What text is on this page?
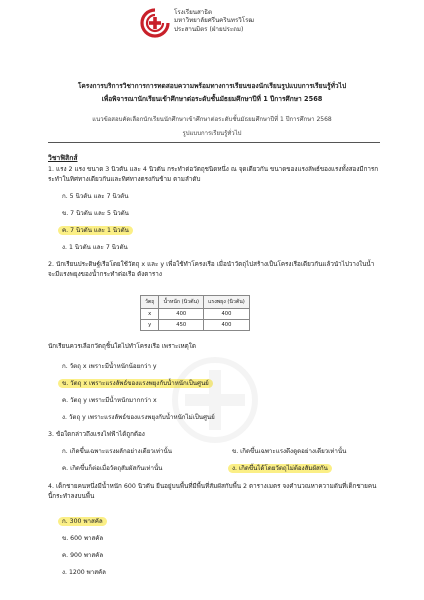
โรงเรียนสาธิต
มหาวิทยาลัยศรีนครินทรวิโรฒ
ประสานมิตร (ฝ่ายประถม)
โครงการบริการวิชาการการทดสอบความพร้อมทางการเรียนของนักเรียนรูปแบบการเรียนรู้ทั่วไป
เพื่อพิจารณานักเรียนเข้าศึกษาต่อระดับชั้นมัธยมศึกษาปีที่ 1 ปีการศึกษา 2568
แนวข้อสอบคัดเลือกนักเรียนนักศึกษาเข้าศึกษาต่อระดับชั้นมัธยมศึกษาปีที่ 1 ปีการศึกษา 2568
รูปแบบการเรียนรู้ทั่วไป
วิชาฟิสิกส์
1. แรง 2 แรง ขนาด 3 นิวตัน และ 4 นิวตัน กระทำต่อวัตถุชนิดหนึ่ง ณ จุดเดียวกัน ขนาดของแรงลัพธ์ของแรงทั้งสองมีการกระทำในทิศทางเดียวกันและทิศทางตรงกันข้าม ตามลำดับ
ก. 5 นิวตัน และ 7 นิวตัน
ข. 7 นิวตัน และ 5 นิวตัน
ค. 7 นิวตัน และ 1 นิวตัน
ง. 1 นิวตัน และ 7 นิวตัน
2. นักเรียนประดิษฐ์เรือโดยใช้วัตถุ x และ y เพื่อใช้ทำโครงเรือ เมื่อนำวัตถุไปสร้างเป็นโครงเรือเดียวกันแล้วนำไปวางในน้ำ จะมีแรงพยุงของน้ำกระทำต่อเรือ ดังตาราง
วัตถุ	น้ำหนัก (นิวตัน)	แรงพยุง (นิวตัน)
x	400	400
y	450	400
นักเรียนควรเลือกวัตถุชิ้นใดไปทำโครงเรือ เพราะเหตุใด
ก. วัตถุ x เพราะมีน้ำหนักน้อยกว่า y
ข. วัตถุ x เพราะแรงลัพธ์ของแรงพยุงกับน้ำหนักเป็นศูนย์
ค. วัตถุ y เพราะมีน้ำหนักมากกว่า x
ง. วัตถุ y เพราะแรงลัพธ์ของแรงพยุงกับน้ำหนักไม่เป็นศูนย์
3. ข้อใดกล่าวถึงแรงไฟฟ้าได้ถูกต้อง
ก. เกิดขึ้นเฉพาะแรงผลักอย่างเดียวเท่านั้น	ข. เกิดขึ้นเฉพาะแรงดึงดูดอย่างเดียวเท่านั้น
ค. เกิดขึ้นก็ต่อเมื่อวัตถุสัมผัสกันเท่านั้น	ง. เกิดขึ้นได้โดยวัตถุไม่ต้องสัมผัสกัน
4. เด็กชายคนหนึ่งมีน้ำหนัก 600 นิวตัน ยืนอยู่บนพื้นที่มีพื้นที่สัมผัสกับพื้น 2 ตารางเมตร จงคำนวณหาความดันที่เด็กชายคนนี้กระทำลงบนพื้น
ก. 300 พาสคัล
ข. 600 พาสคัล
ค. 900 พาสคัล
ง. 1200 พาสคัล
